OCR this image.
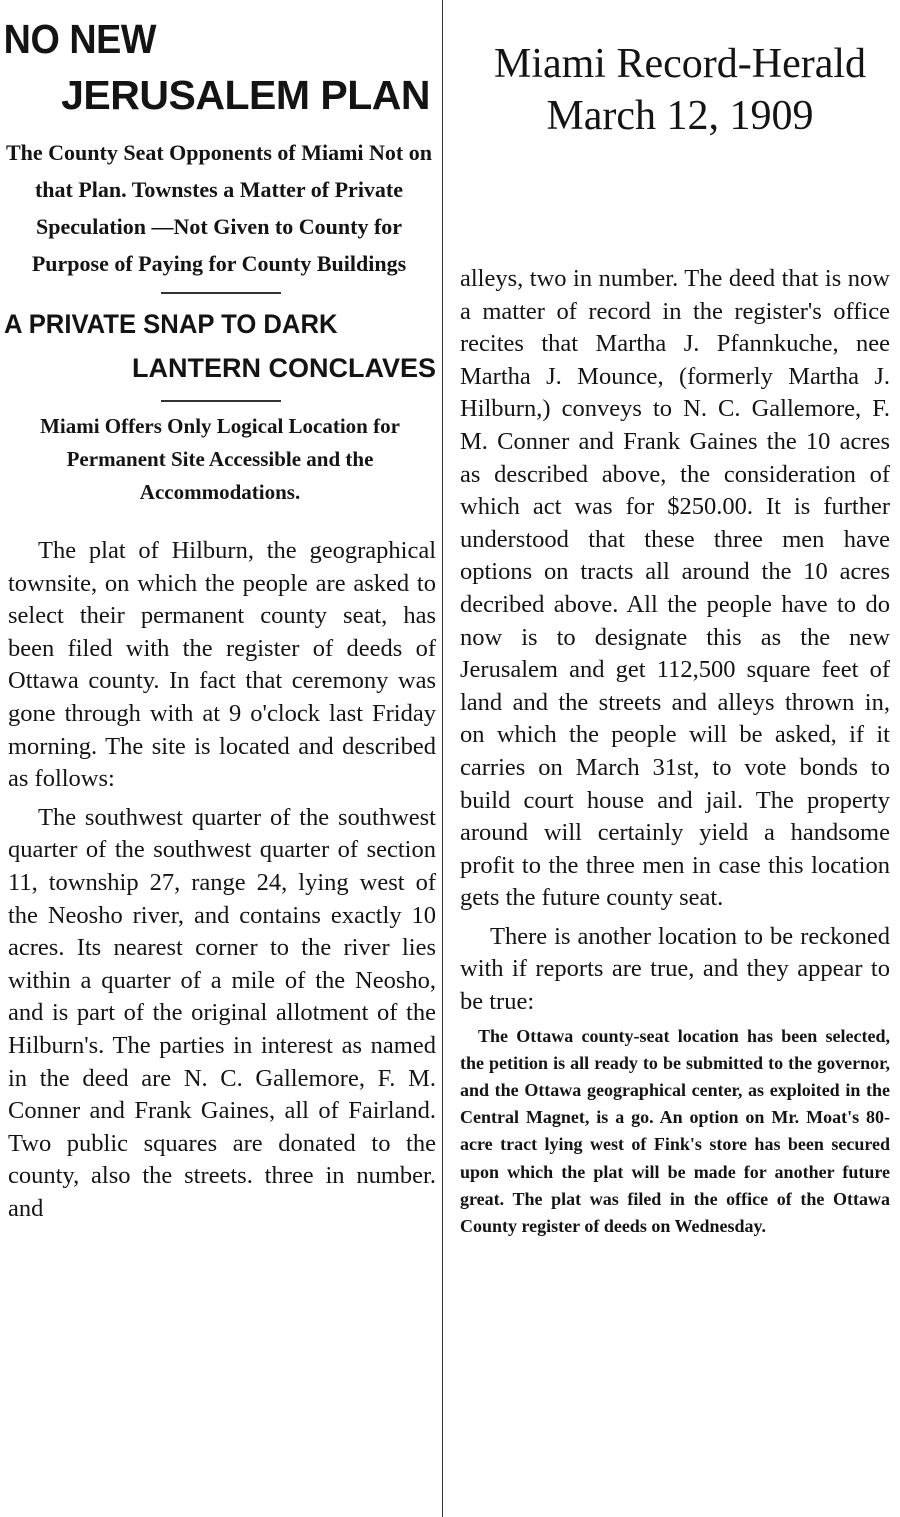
NO NEW
JERUSALEM PLAN
The County Seat Opponents of Miami Not on that Plan. Townstes a Matter of Private Speculation —Not Given to County for Purpose of Paying for County Buildings
A PRIVATE SNAP TO DARK
LANTERN CONCLAVES
Miami Offers Only Logical Location for Permanent Site Accessible and the Accommodations.

The plat of Hilburn, the geographical townsite, on which the people are asked to select their permanent county seat, has been filed with the register of deeds of Ottawa county. In fact that ceremony was gone through with at 9 o'clock last Friday morning. The site is located and described as follows:

The southwest quarter of the southwest quarter of the southwest quarter of section 11, township 27, range 24, lying west of the Neosho river, and contains exactly 10 acres. Its nearest corner to the river lies within a quarter of a mile of the Neosho, and is part of the original allotment of the Hilburn's. The parties in interest as named in the deed are N. C. Gallemore, F. M. Conner and Frank Gaines, all of Fairland. Two public squares are donated to the county, also the streets. three in number. and

Miami Record-Herald
March 12, 1909

alleys, two in number. The deed that is now a matter of record in the register's office recites that Martha J. Pfannkuche, nee Martha J. Mounce, (formerly Martha J. Hilburn,) conveys to N. C. Gallemore, F. M. Conner and Frank Gaines the 10 acres as described above, the consideration of which act was for $250.00. It is further understood that these three men have options on tracts all around the 10 acres decribed above. All the people have to do now is to designate this as the new Jerusalem and get 112,500 square feet of land and the streets and alleys thrown in, on which the people will be asked, if it carries on March 31st, to vote bonds to build court house and jail. The property around will certainly yield a handsome profit to the three men in case this location gets the future county seat.

There is another location to be reckoned with if reports are true, and they appear to be true:

The Ottawa county-seat location has been selected, the petition is all ready to be submitted to the governor, and the Ottawa geographical center, as exploited in the Central Magnet, is a go. An option on Mr. Moat's 80-acre tract lying west of Fink's store has been secured upon which the plat will be made for another future great. The plat was filed in the office of the Ottawa County register of deeds on Wednesday.
